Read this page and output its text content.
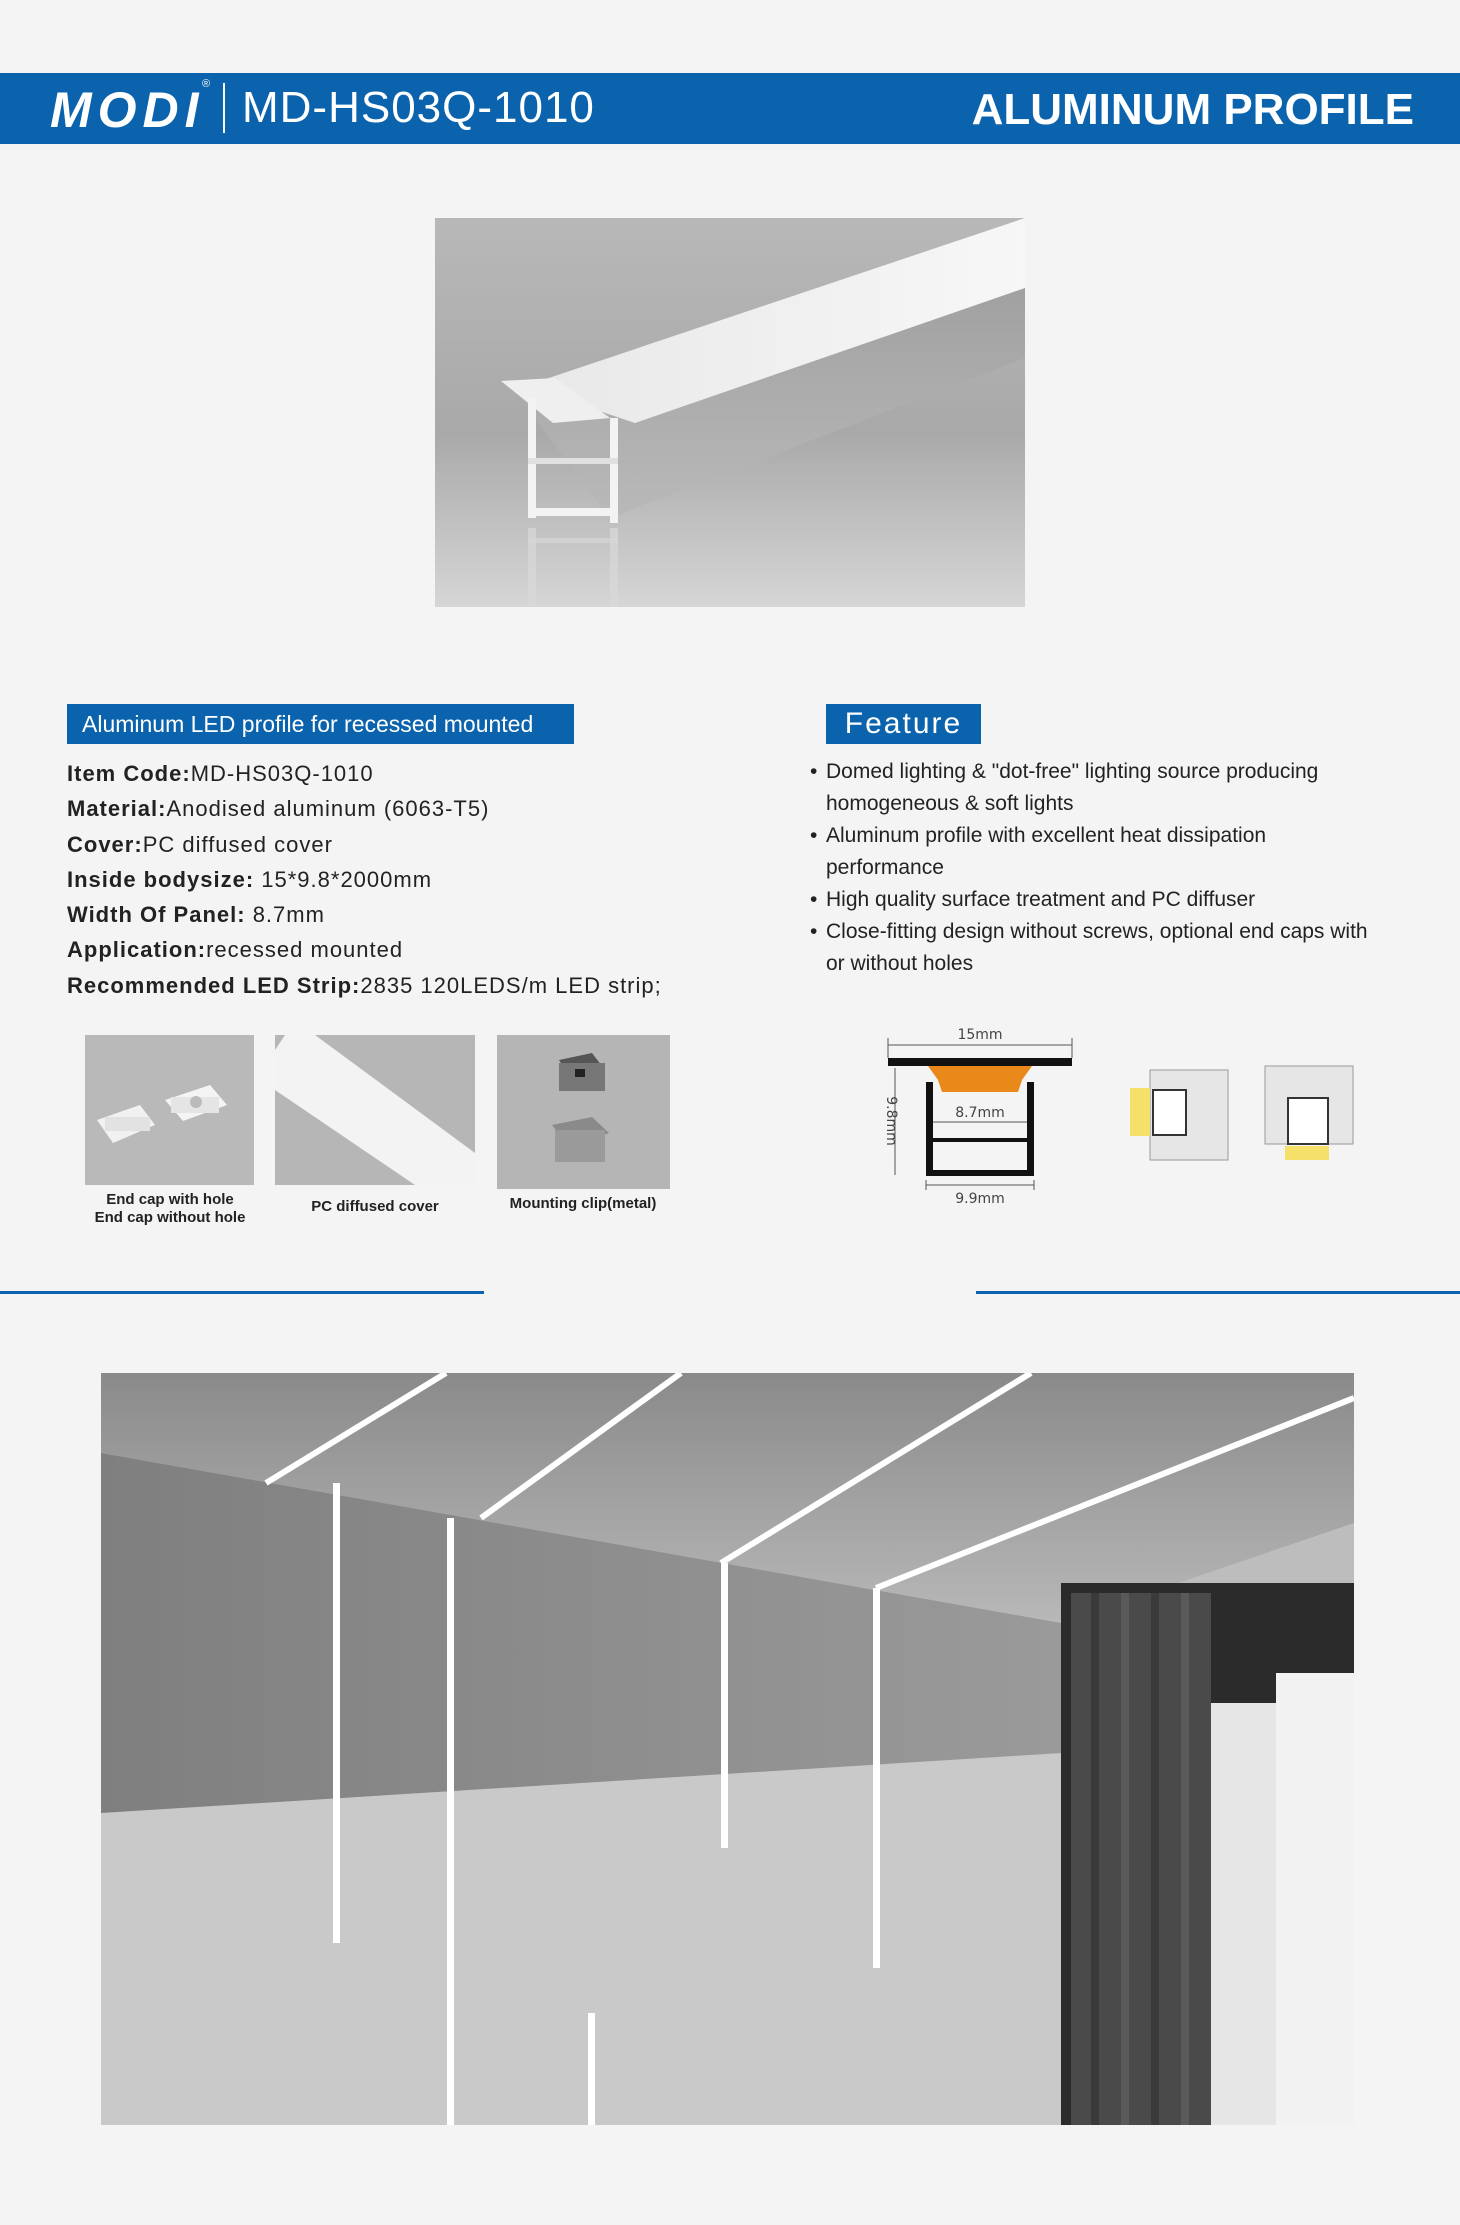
MODI
® MD-HS03Q-1010	ALUMINUM PROFILE
Aluminum LED profile for recessed mounted
Item Code:MD-HS03Q-1010
Material:Anodised aluminum (6063-T5)
Cover:PC diffused cover
Inside bodysize: 15*9.8*2000mm
Width Of Panel: 8.7mm
Application:recessed mounted
Recommended LED Strip:2835 120LEDS/m LED strip;
Feature
• Domed lighting & "dot-free" lighting source producing homogeneous & soft lights
• Aluminum profile with excellent heat dissipation performance
• High quality surface treatment and PC diffuser
• Close-fitting design without screws, optional end caps with or without holes
End cap with hole
End cap without hole
PC diffused cover	Mounting clip(metal)
15mm
9.8mm	8.7mm
9.9mm
